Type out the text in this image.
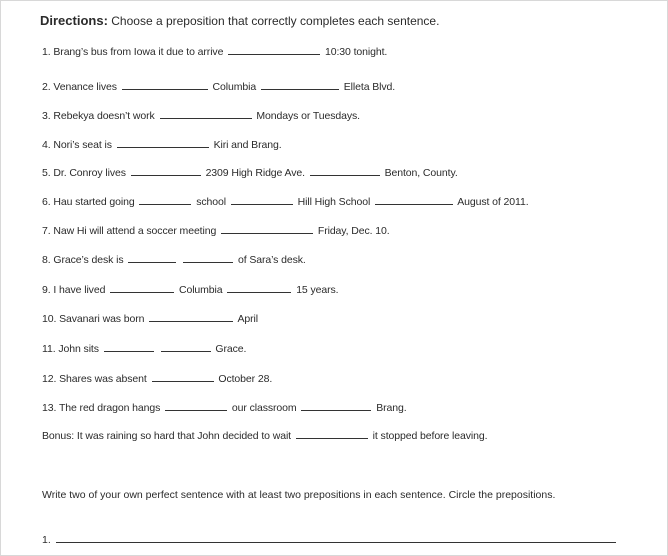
Directions: Choose a preposition that correctly completes each sentence.
1. Brang’s bus from Iowa it due to arrive	10:30 tonight.
2. Venance lives	Columbia	Elleta Blvd.
3. Rebekya doesn’t work	Mondays or Tuesdays.
4. Nori’s seat is	Kiri and Brang.
5. Dr. Conroy lives	2309 High Ridge Ave.	Benton, County.
6. Hau started going	school	Hill High School	August of 2011.
7. Naw Hi will attend a soccer meeting	Friday, Dec. 10.
8. Grace’s desk is	of Sara’s desk.
9. I have lived	Columbia	15 years.
10. Savanari was born	April
11. John sits	Grace.
12. Shares was absent	October 28.
13. The red dragon hangs	our classroom	Brang.
Bonus: It was raining so hard that John decided to wait	it stopped before leaving.
Write two of your own perfect sentence with at least two prepositions in each sentence. Circle the prepositions.
1.
